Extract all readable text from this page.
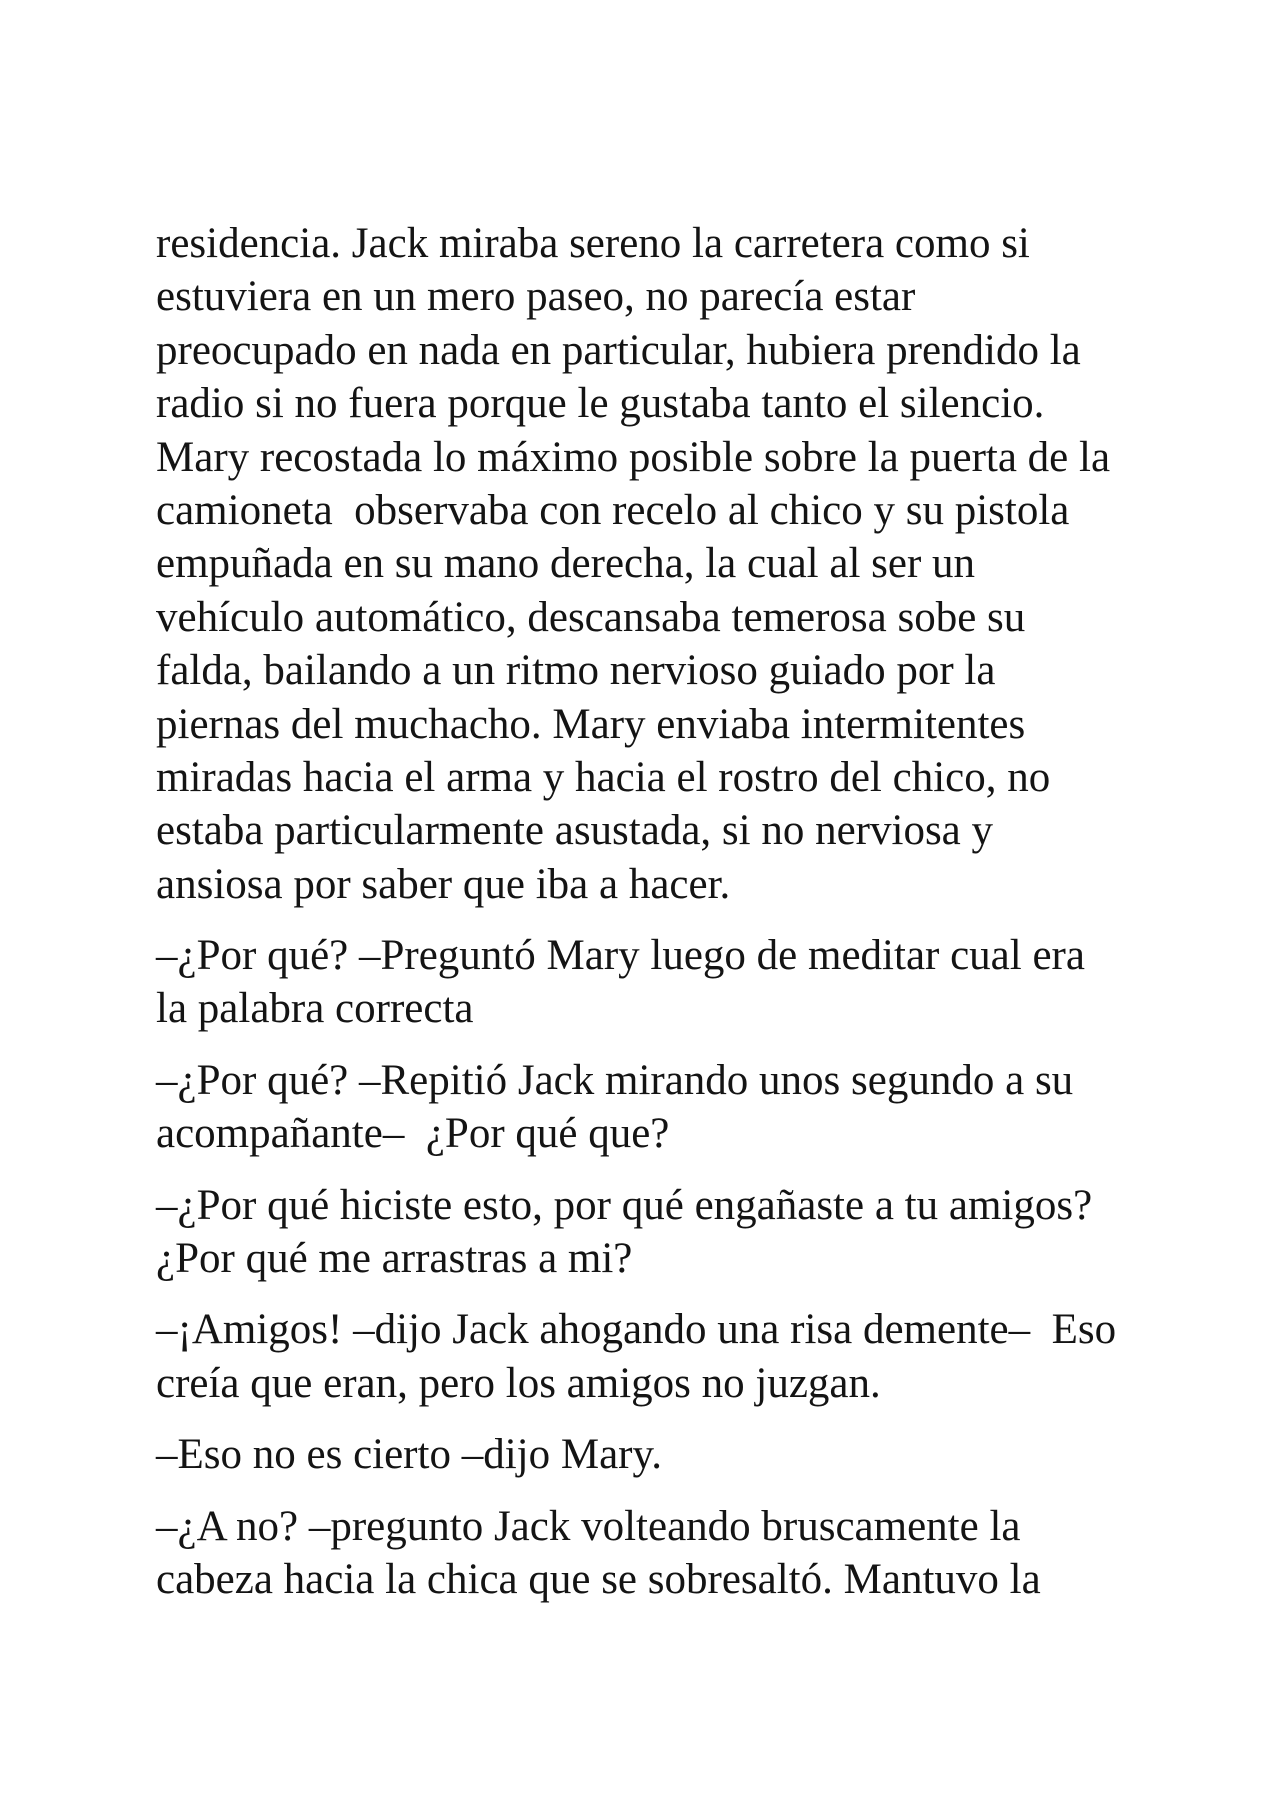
residencia. Jack miraba sereno la carretera como si
estuviera en un mero paseo, no parecía estar
preocupado en nada en particular, hubiera prendido la
radio si no fuera porque le gustaba tanto el silencio.
Mary recostada lo máximo posible sobre la puerta de la
camioneta  observaba con recelo al chico y su pistola
empuñada en su mano derecha, la cual al ser un
vehículo automático, descansaba temerosa sobe su
falda, bailando a un ritmo nervioso guiado por la
piernas del muchacho. Mary enviaba intermitentes
miradas hacia el arma y hacia el rostro del chico, no
estaba particularmente asustada, si no nerviosa y
ansiosa por saber que iba a hacer.
–¿Por qué? –Preguntó Mary luego de meditar cual era
la palabra correcta
–¿Por qué? –Repitió Jack mirando unos segundo a su
acompañante–  ¿Por qué que?
–¿Por qué hiciste esto, por qué engañaste a tu amigos?
¿Por qué me arrastras a mi?
–¡Amigos! –dijo Jack ahogando una risa demente–  Eso
creía que eran, pero los amigos no juzgan.
–Eso no es cierto –dijo Mary.
–¿A no? –pregunto Jack volteando bruscamente la
cabeza hacia la chica que se sobresaltó. Mantuvo la
